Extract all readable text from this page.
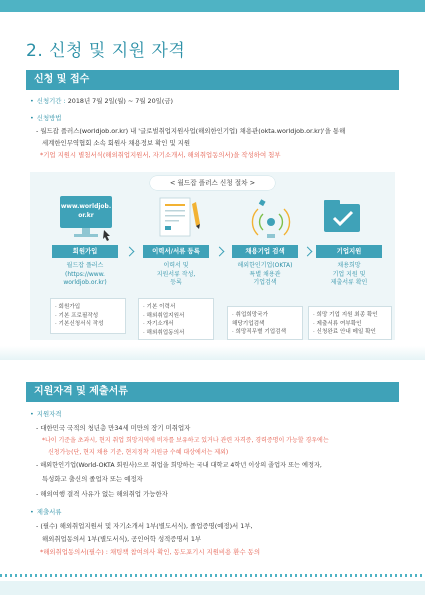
2. 신청 및 지원 자격
신청 및 접수
• 신청기간 : 2018년 7월 2일(월) ~ 7월 20일(금)
• 신청방법
- 월드잡 플러스(worldjob.or.kr) 내 '글로벌취업지원사업(해외한인기업) 채용관(okta.worldjob.or.kr)'을 통해
세계한인무역협회 소속 회원사 채용정보 확인 및 지원
*기업 지원시 별첨서식(해외취업지원서, 자기소개서, 해외취업동의서)을 작성하여 첨부
< 월드잡 플러스 신청 절차 >
www.worldjob.
or.kr
회원가입	이력서/서류 등록	채용기업 검색	기업지원
월드잡 플러스
(https://www.
worldjob.or.kr)
이력서 및
지원서류 작성,
등록
해외한인기업(OKTA)
특별 채용관
기업검색
채용희망
기업 지원 및
제출서류 확인
· 회원가입
· 기본 프로필작성
· 기본신청서식 작성
· 기본 이력서
· 해외취업지원서
· 자기소개서
· 해외취업동의서
· 취업희망국가
해당기업검색
· 희망직무별 기업검색
· 희망 기업 지원 최종 확인
· 제출서류 여부확인
· 신청완료 안내 메일 확인
지원자격 및 제출서류
• 지원자격
- 대한민국 국적의 청년층 만34세 미만의 장기 미취업자
*나이 기준을 초과시, 현지 취업 희망지역에 비자를 보유하고 있거나 관련 자격증, 경력증명이 가능할 경우에는
신청가능(단, 현지 채용 기준, 현지정착 지원금 수혜 대상에서는 제외)
- 해외한인기업(World-OKTA 회원사)으로 취업을 희망하는 국내 대학교 4학년 이상의 졸업자 또는 예정자,
특성화고 출신의 졸업자 또는 예정자
- 해외여행 결격 사유가 없는 해외취업 가능한자
• 제출서류
- (필수) 해외취업지원서 및 자기소개서 1부(별도서식), 졸업증명(예정)서 1부,
해외취업동의서 1부(별도서식), 공인어학 성적증명서 1부
*해외취업동의서(필수) : 채팅책 참여의사 확인, 동도포기시 지원비용 환수 동의
